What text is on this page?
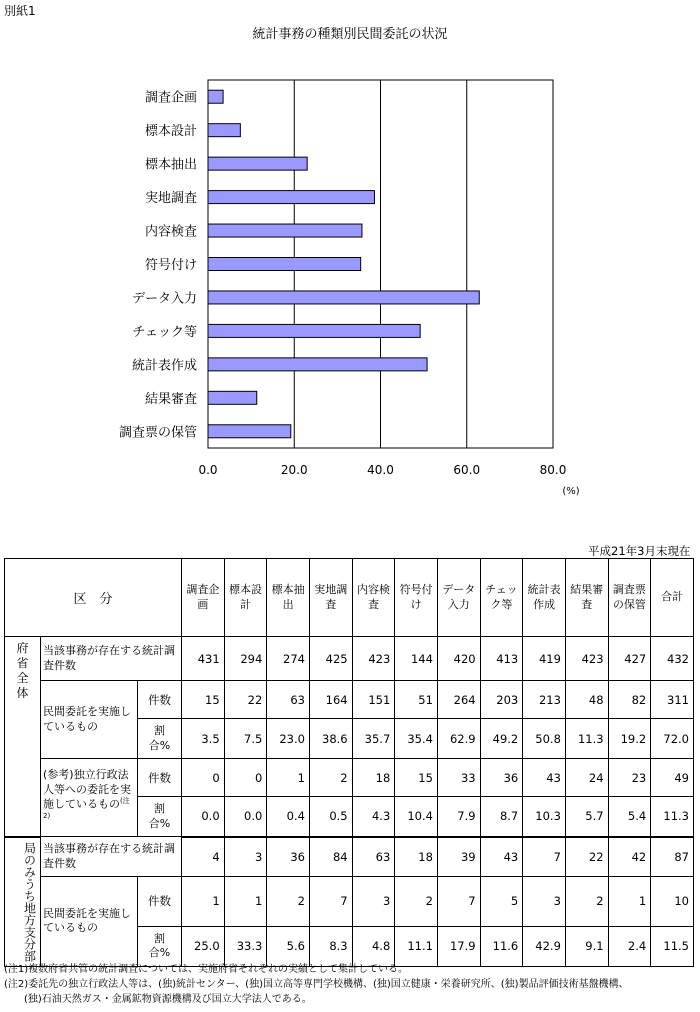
別紙1
統計事務の種類別民間委託の状況
0.0	20.0	40.0	60.0	80.0
(%)
調査企画
標本設計
標本抽出
実地調査
内容検査
符号付け
データ入力
チェック等
統計表作成
結果審査
調査票の保管
平成21年3月末現在
区　分			調査企画	標本設計	標本抽出	実地調査	内容検査	符号付け	データ入力	チェック等	統計表作成	結果審査	調査票の保管	合計
府省全体	当該事務が存在する統計調査件数		431	294	274	425	423	144	420	413	419	423	427	432
	民間委託を実施しているもの	件数	15	22	63	164	151	51	264	203	213	48	82	311
		割合%	3.5	7.5	23.0	38.6	35.7	35.4	62.9	49.2	50.8	11.3	19.2	72.0
	(参考)独立行政法人等への委託を実施しているもの$^{(注2)}$	件数	0	0	1	2	18	15	33	36	43	24	23	49
		割合%	0.0	0.0	0.4	0.5	4.3	10.4	7.9	8.7	10.3	5.7	5.4	11.3
局のみうち地方支分部	当該事務が存在する統計調査件数		4	3	36	84	63	18	39	43	7	22	42	87
	民間委託を実施しているもの	件数	1	1	2	7	3	2	7	5	3	2	1	10
		割合%	25.0	33.3	5.6	8.3	4.8	11.1	17.9	11.6	42.9	9.1	2.4	11.5
(注1)複数府省共管の統計調査については、実施府省それぞれの実績として集計している。
(注2)委託先の独立行政法人等は、(独)統計センター、(独)国立高等専門学校機構、(独)国立健康・栄養研究所、(独)製品評価技術基盤機構、
　　(独)石油天然ガス・金属鉱物資源機構及び国立大学法人である。
